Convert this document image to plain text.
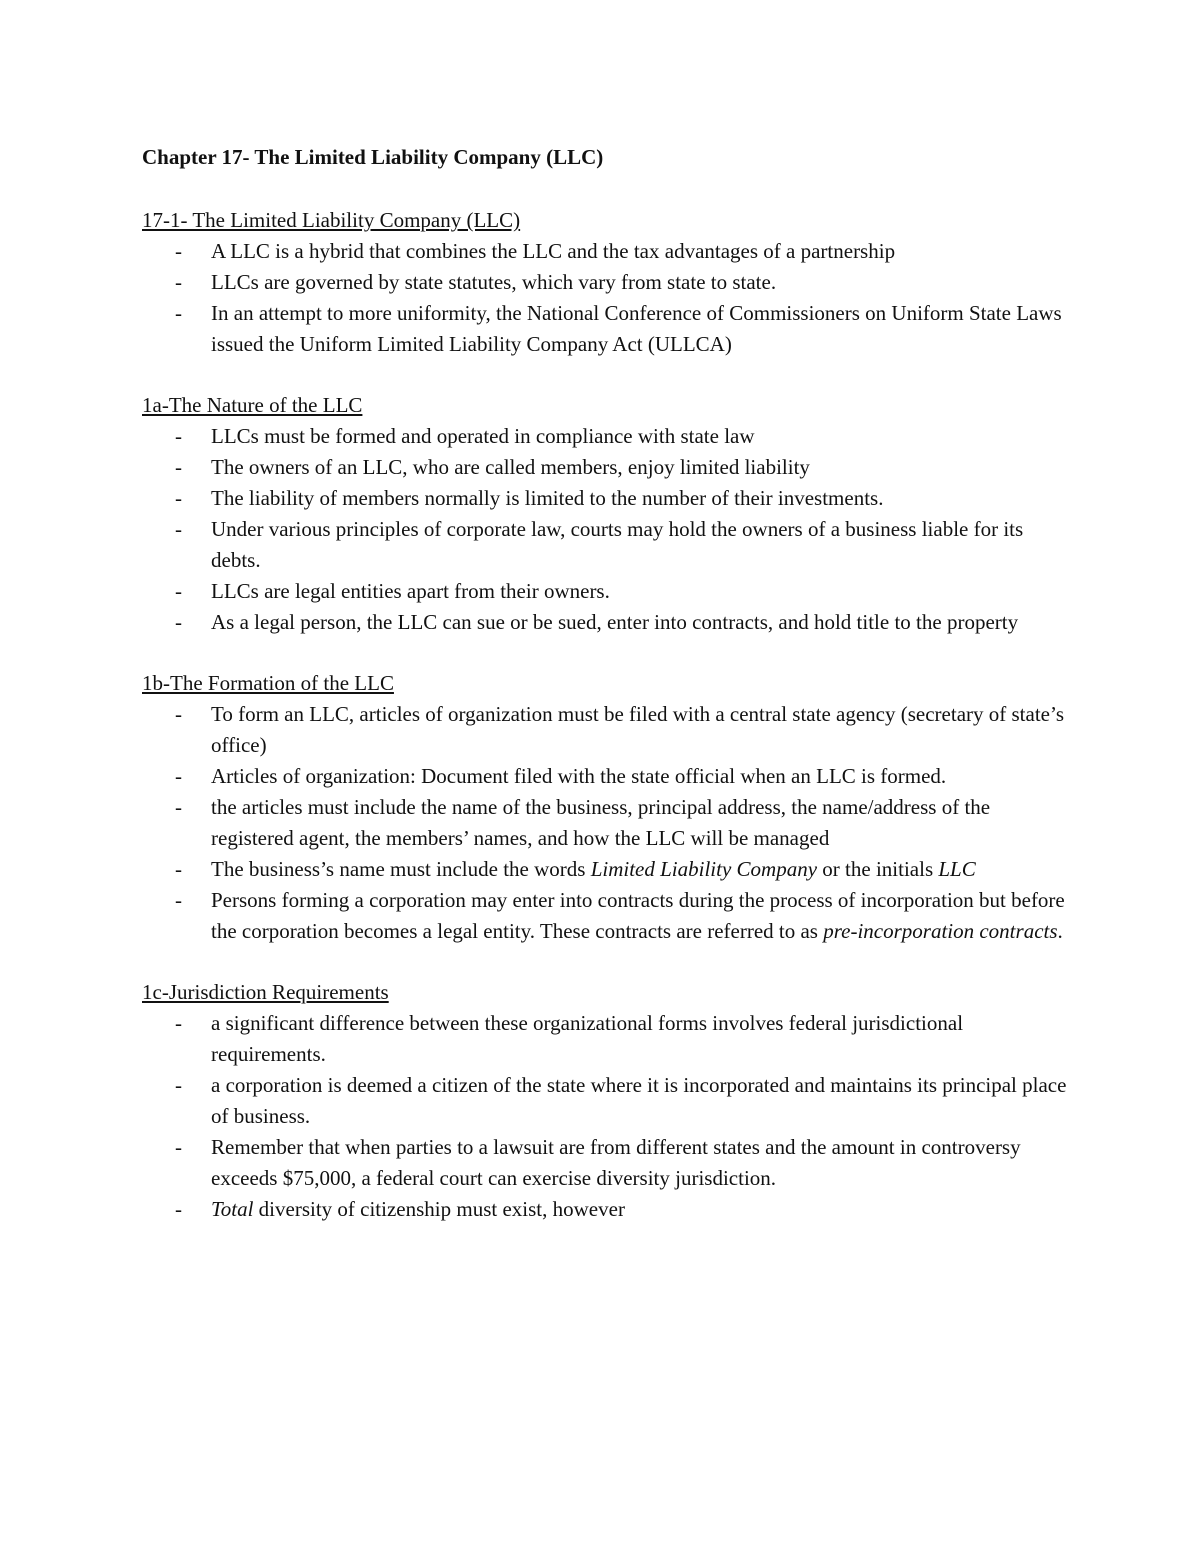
Chapter 17- The Limited Liability Company (LLC)
17-1- The Limited Liability Company (LLC)
- A LLC is a hybrid that combines the LLC and the tax advantages of a partnership
- LLCs are governed by state statutes, which vary from state to state.
- In an attempt to more uniformity, the National Conference of Commissioners on Uniform State Laws issued the Uniform Limited Liability Company Act (ULLCA)
1a-The Nature of the LLC
- LLCs must be formed and operated in compliance with state law
- The owners of an LLC, who are called members, enjoy limited liability
- The liability of members normally is limited to the number of their investments.
- Under various principles of corporate law, courts may hold the owners of a business liable for its debts.
- LLCs are legal entities apart from their owners.
- As a legal person, the LLC can sue or be sued, enter into contracts, and hold title to the property
1b-The Formation of the LLC
- To form an LLC, articles of organization must be filed with a central state agency (secretary of state’s office)
- Articles of organization: Document filed with the state official when an LLC is formed.
- the articles must include the name of the business, principal address, the name/address of the registered agent, the members’ names, and how the LLC will be managed
- The business’s name must include the words Limited Liability Company or the initials LLC
- Persons forming a corporation may enter into contracts during the process of incorporation but before the corporation becomes a legal entity. These contracts are referred to as pre-incorporation contracts.
1c-Jurisdiction Requirements
- a significant difference between these organizational forms involves federal jurisdictional requirements.
- a corporation is deemed a citizen of the state where it is incorporated and maintains its principal place of business.
- Remember that when parties to a lawsuit are from different states and the amount in controversy exceeds $75,000, a federal court can exercise diversity jurisdiction.
- Total diversity of citizenship must exist, however
